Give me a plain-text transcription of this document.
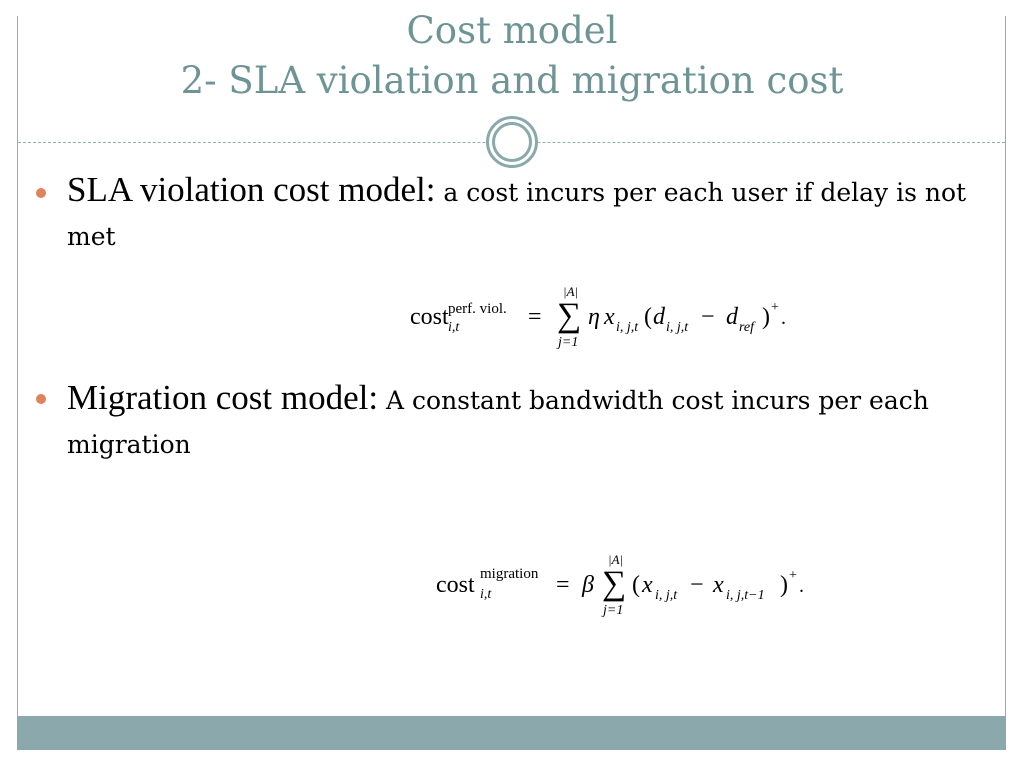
Cost model
2- SLA violation and migration cost
SLA violation cost model: a cost incurs per each user if delay is not met
cost perf. viol.
i,t	=
|A|
∑
j=1
η x i, j,t ( d i, j,t − d ref ) + .
Migration cost model: A constant bandwidth cost incurs per each migration
cost migration
i,t	= β
|A|
∑
j=1
( x i, j,t − x i, j,t−1 ) + .
